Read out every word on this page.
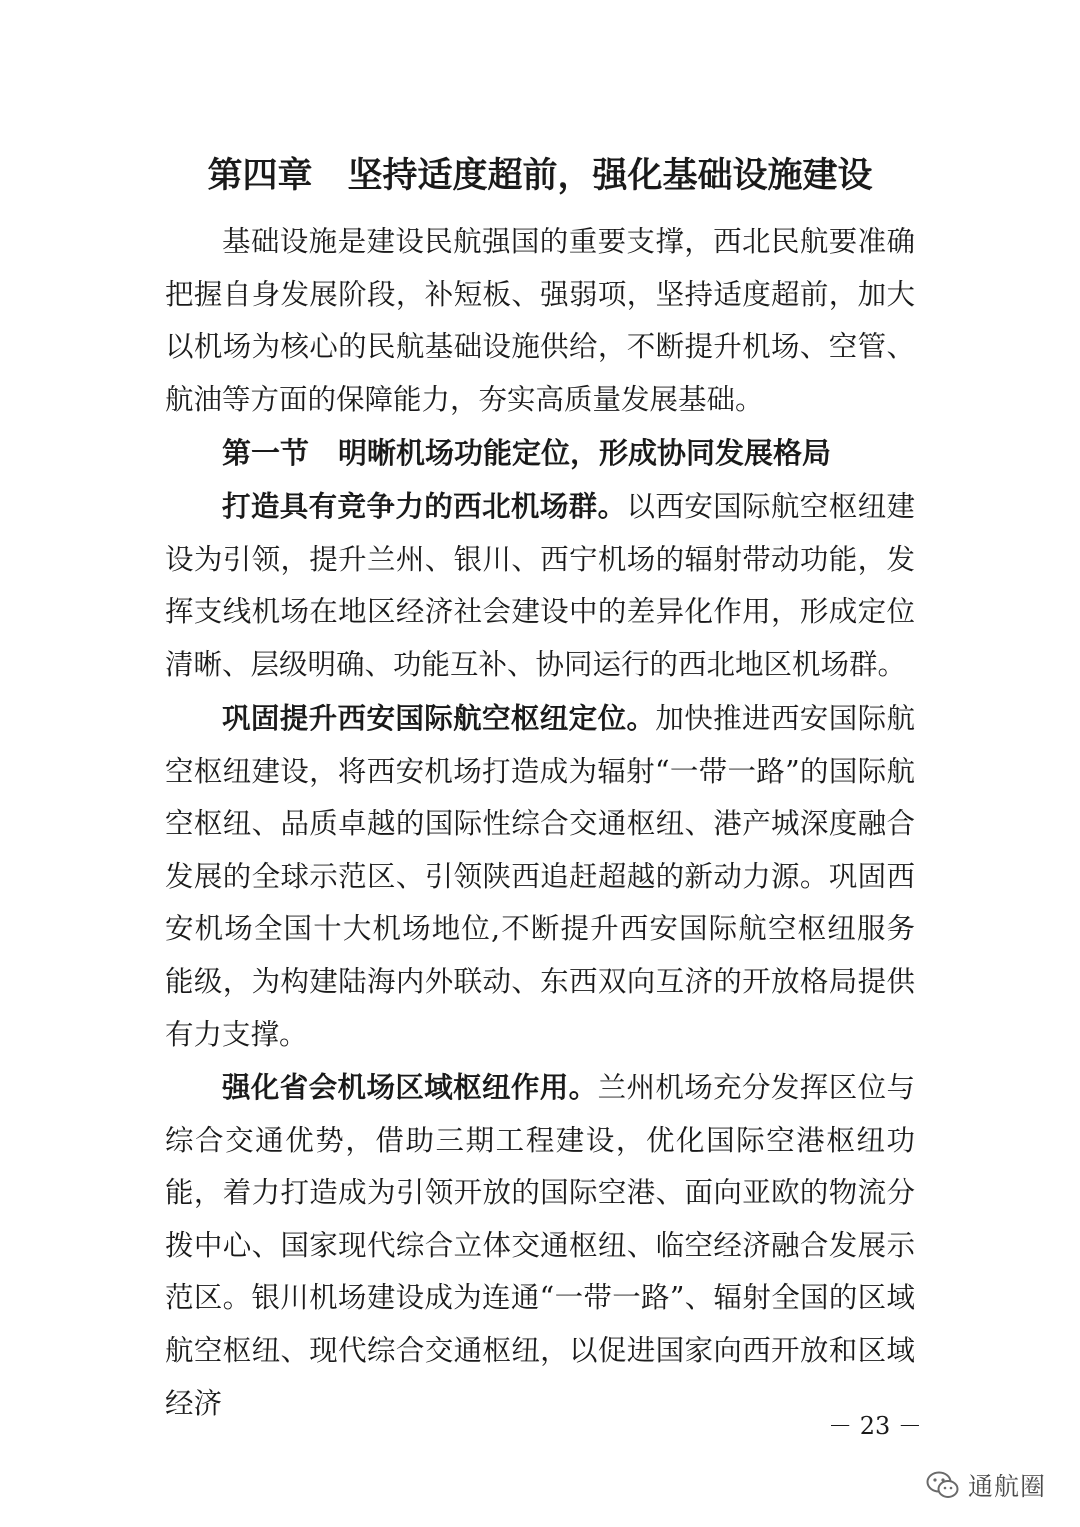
第四章　坚持适度超前，强化基础设施建设

基础设施是建设民航强国的重要支撑，西北民航要准确把握自身发展阶段，补短板、强弱项，坚持适度超前，加大以机场为核心的民航基础设施供给，不断提升机场、空管、航油等方面的保障能力，夯实高质量发展基础。

第一节　明晰机场功能定位，形成协同发展格局

打造具有竞争力的西北机场群。以西安国际航空枢纽建设为引领，提升兰州、银川、西宁机场的辐射带动功能，发挥支线机场在地区经济社会建设中的差异化作用，形成定位清晰、层级明确、功能互补、协同运行的西北地区机场群。

巩固提升西安国际航空枢纽定位。加快推进西安国际航空枢纽建设，将西安机场打造成为辐射“一带一路”的国际航空枢纽、品质卓越的国际性综合交通枢纽、港产城深度融合发展的全球示范区、引领陕西追赶超越的新动力源。巩固西安机场全国十大机场地位,不断提升西安国际航空枢纽服务能级，为构建陆海内外联动、东西双向互济的开放格局提供有力支撑。

强化省会机场区域枢纽作用。兰州机场充分发挥区位与综合交通优势，借助三期工程建设，优化国际空港枢纽功能，着力打造成为引领开放的国际空港、面向亚欧的物流分拨中心、国家现代综合立体交通枢纽、临空经济融合发展示范区。银川机场建设成为连通“一带一路”、辐射全国的区域航空枢纽、现代综合交通枢纽，以促进国家向西开放和区域经济

－ 23 －
通航圈
